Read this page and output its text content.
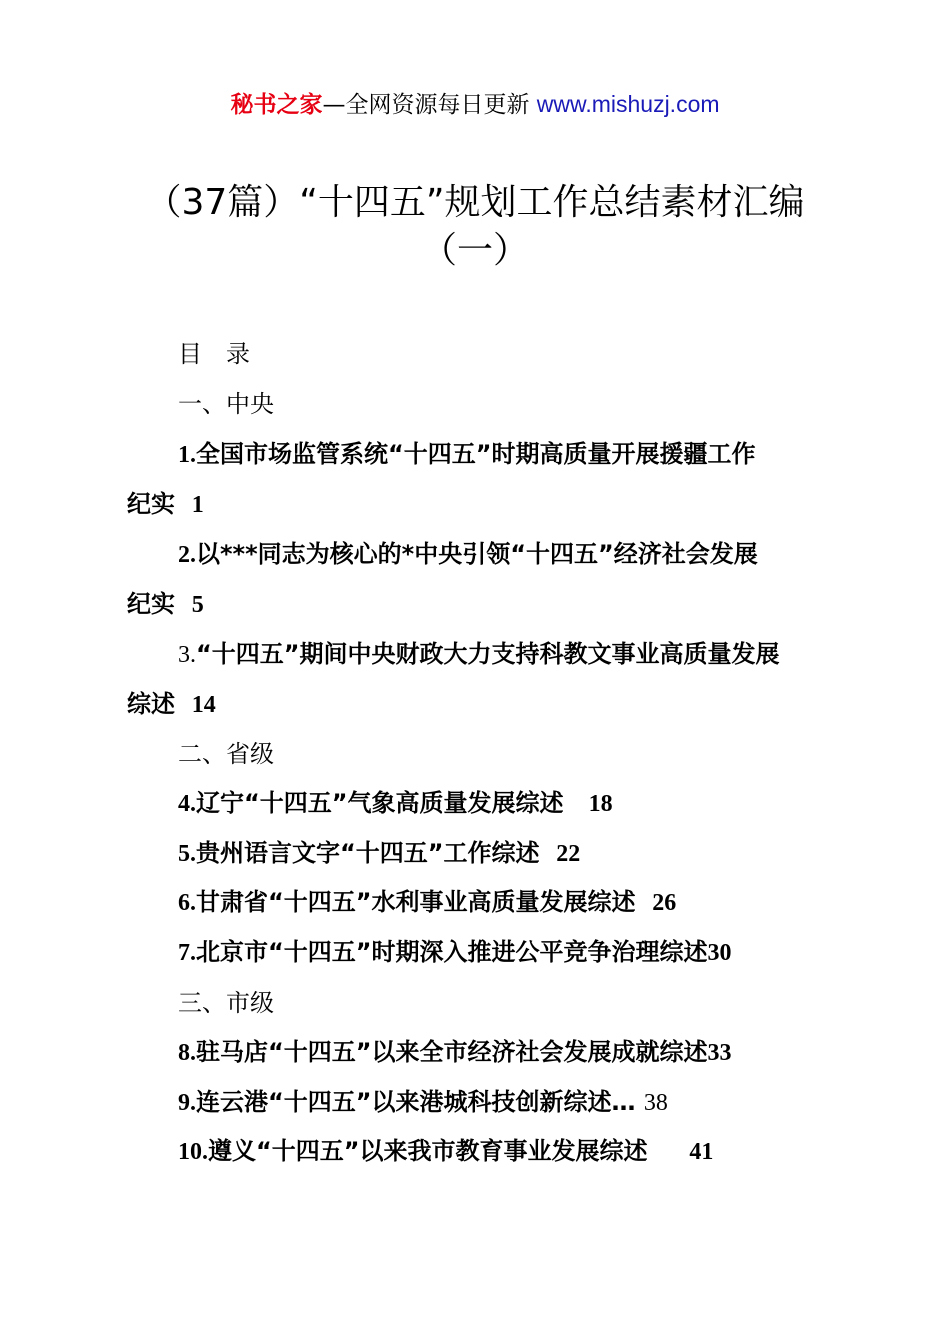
秘书之家—全网资源每日更新 www.mishuzj.com
（37篇）“十四五”规划工作总结素材汇编
（一）
目　录
一、中央
1.全国市场监管系统“十四五”时期高质量开展援疆工作
纪实 1
2.以***同志为核心的*中央引领“十四五”经济社会发展
纪实 5
3.“十四五”期间中央财政大力支持科教文事业高质量发展
综述 14
二、省级
4.辽宁“十四五”气象高质量发展综述 18
5.贵州语言文字“十四五”工作综述 22
6.甘肃省“十四五”水利事业高质量发展综述 26
7.北京市“十四五”时期深入推进公平竞争治理综述30
三、市级
8.驻马店“十四五”以来全市经济社会发展成就综述33
9.连云港“十四五”以来港城科技创新综述… 38
10.遵义“十四五”以来我市教育事业发展综述 41
